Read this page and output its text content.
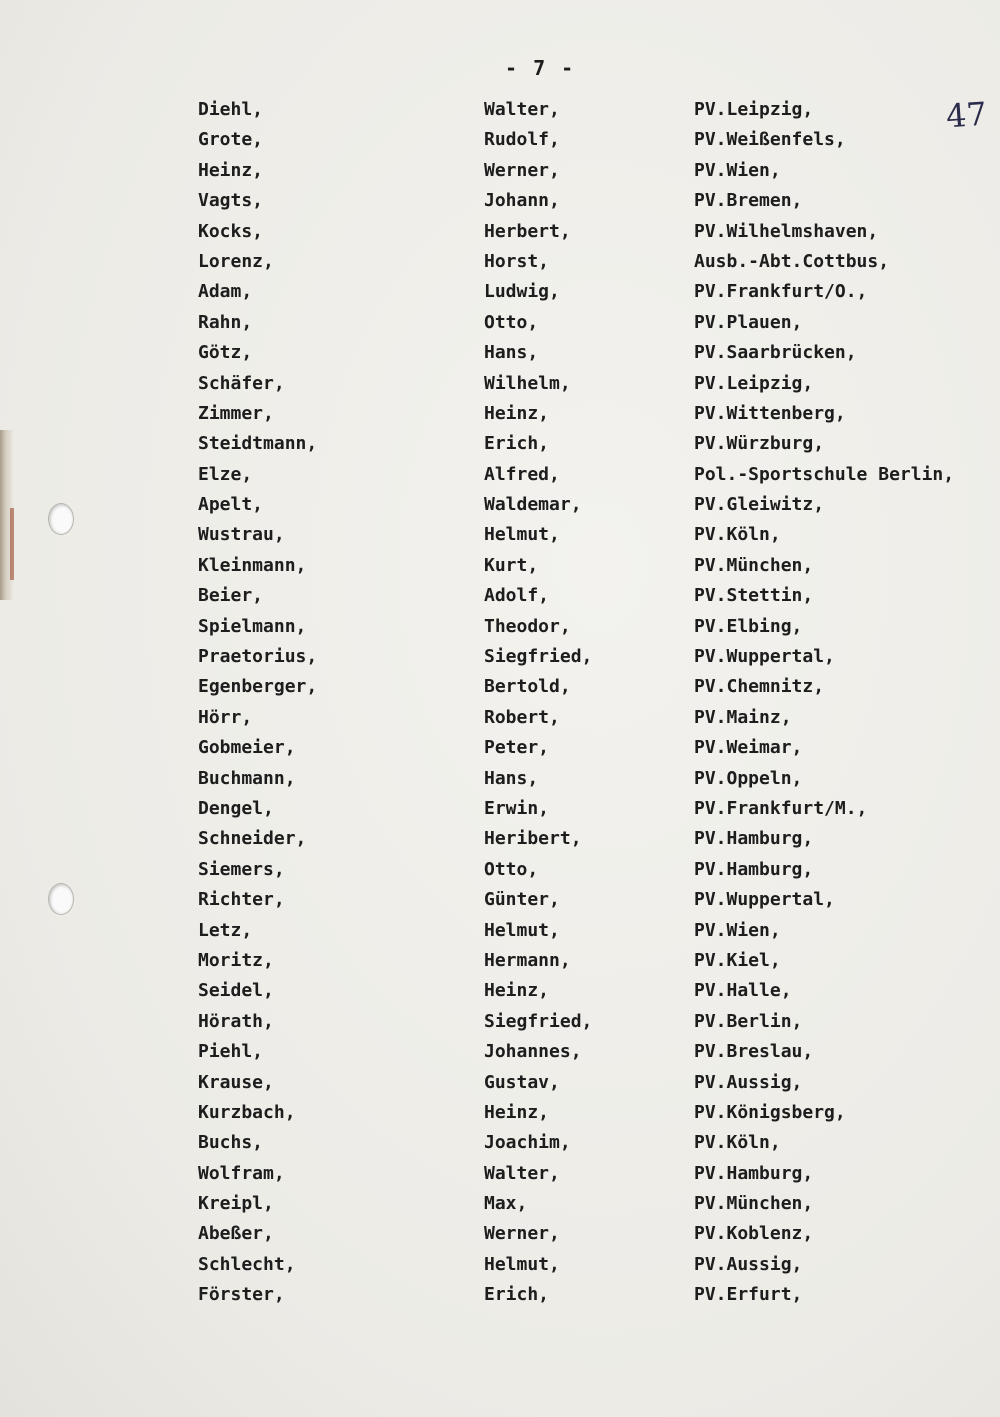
- 7 -
47
Diehl,	Walter,	PV.Leipzig,
Grote,	Rudolf,	PV.Weißenfels,
Heinz,	Werner,	PV.Wien,
Vagts,	Johann,	PV.Bremen,
Kocks,	Herbert,	PV.Wilhelmshaven,
Lorenz,	Horst,	Ausb.-Abt.Cottbus,
Adam,	Ludwig,	PV.Frankfurt/O.,
Rahn,	Otto,	PV.Plauen,
Götz,	Hans,	PV.Saarbrücken,
Schäfer,	Wilhelm,	PV.Leipzig,
Zimmer,	Heinz,	PV.Wittenberg,
Steidtmann,	Erich,	PV.Würzburg,
Elze,	Alfred,	Pol.-Sportschule Berlin,
Apelt,	Waldemar,	PV.Gleiwitz,
Wustrau,	Helmut,	PV.Köln,
Kleinmann,	Kurt,	PV.München,
Beier,	Adolf,	PV.Stettin,
Spielmann,	Theodor,	PV.Elbing,
Praetorius,	Siegfried,	PV.Wuppertal,
Egenberger,	Bertold,	PV.Chemnitz,
Hörr,	Robert,	PV.Mainz,
Gobmeier,	Peter,	PV.Weimar,
Buchmann,	Hans,	PV.Oppeln,
Dengel,	Erwin,	PV.Frankfurt/M.,
Schneider,	Heribert,	PV.Hamburg,
Siemers,	Otto,	PV.Hamburg,
Richter,	Günter,	PV.Wuppertal,
Letz,	Helmut,	PV.Wien,
Moritz,	Hermann,	PV.Kiel,
Seidel,	Heinz,	PV.Halle,
Hörath,	Siegfried,	PV.Berlin,
Piehl,	Johannes,	PV.Breslau,
Krause,	Gustav,	PV.Aussig,
Kurzbach,	Heinz,	PV.Königsberg,
Buchs,	Joachim,	PV.Köln,
Wolfram,	Walter,	PV.Hamburg,
Kreipl,	Max,	PV.München,
Abeßer,	Werner,	PV.Koblenz,
Schlecht,	Helmut,	PV.Aussig,
Förster,	Erich,	PV.Erfurt,
